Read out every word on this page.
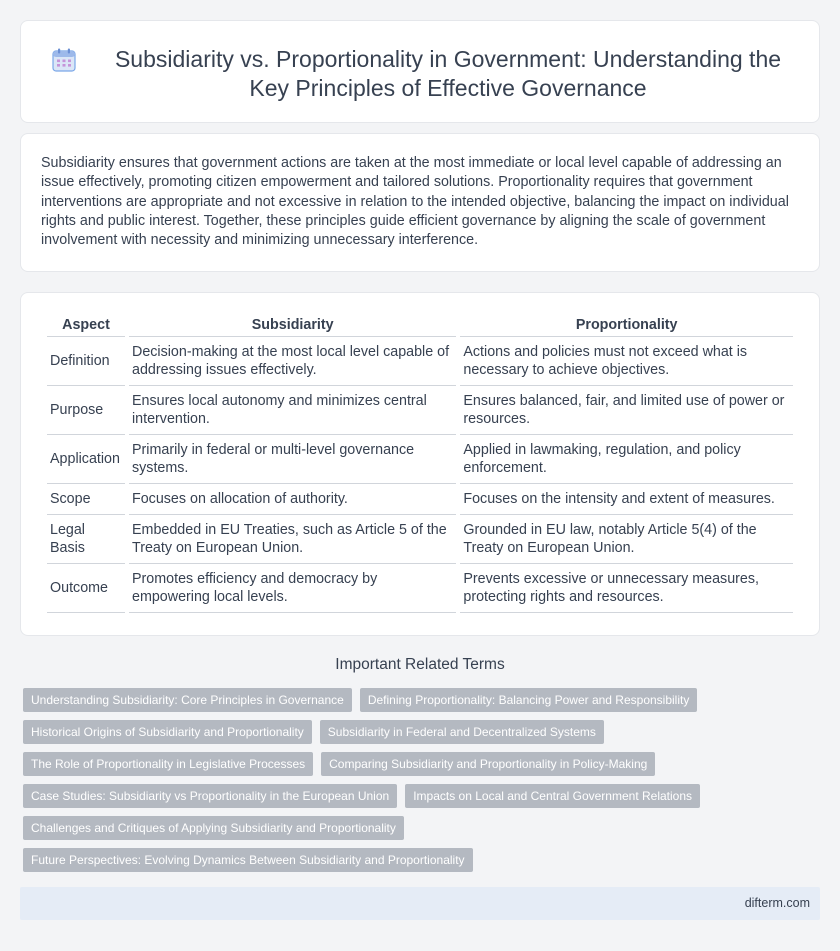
Subsidiarity vs. Proportionality in Government: Understanding the Key Principles of Effective Governance

Subsidiarity ensures that government actions are taken at the most immediate or local level capable of addressing an issue effectively, promoting citizen empowerment and tailored solutions. Proportionality requires that government interventions are appropriate and not excessive in relation to the intended objective, balancing the impact on individual rights and public interest. Together, these principles guide efficient governance by aligning the scale of government involvement with necessity and minimizing unnecessary interference.

Aspect	Subsidiarity	Proportionality
Definition	Decision-making at the most local level capable of addressing issues effectively.	Actions and policies must not exceed what is necessary to achieve objectives.
Purpose	Ensures local autonomy and minimizes central intervention.	Ensures balanced, fair, and limited use of power or resources.
Application	Primarily in federal or multi-level governance systems.	Applied in lawmaking, regulation, and policy enforcement.
Scope	Focuses on allocation of authority.	Focuses on the intensity and extent of measures.
Legal Basis	Embedded in EU Treaties, such as Article 5 of the Treaty on European Union.	Grounded in EU law, notably Article 5(4) of the Treaty on European Union.
Outcome	Promotes efficiency and democracy by empowering local levels.	Prevents excessive or unnecessary measures, protecting rights and resources.
Important Related Terms
Understanding Subsidiarity: Core Principles in Governance	Defining Proportionality: Balancing Power and Responsibility
Historical Origins of Subsidiarity and Proportionality	Subsidiarity in Federal and Decentralized Systems
The Role of Proportionality in Legislative Processes	Comparing Subsidiarity and Proportionality in Policy-Making
Case Studies: Subsidiarity vs Proportionality in the European Union	Impacts on Local and Central Government Relations
Challenges and Critiques of Applying Subsidiarity and Proportionality
Future Perspectives: Evolving Dynamics Between Subsidiarity and Proportionality
difterm.com
